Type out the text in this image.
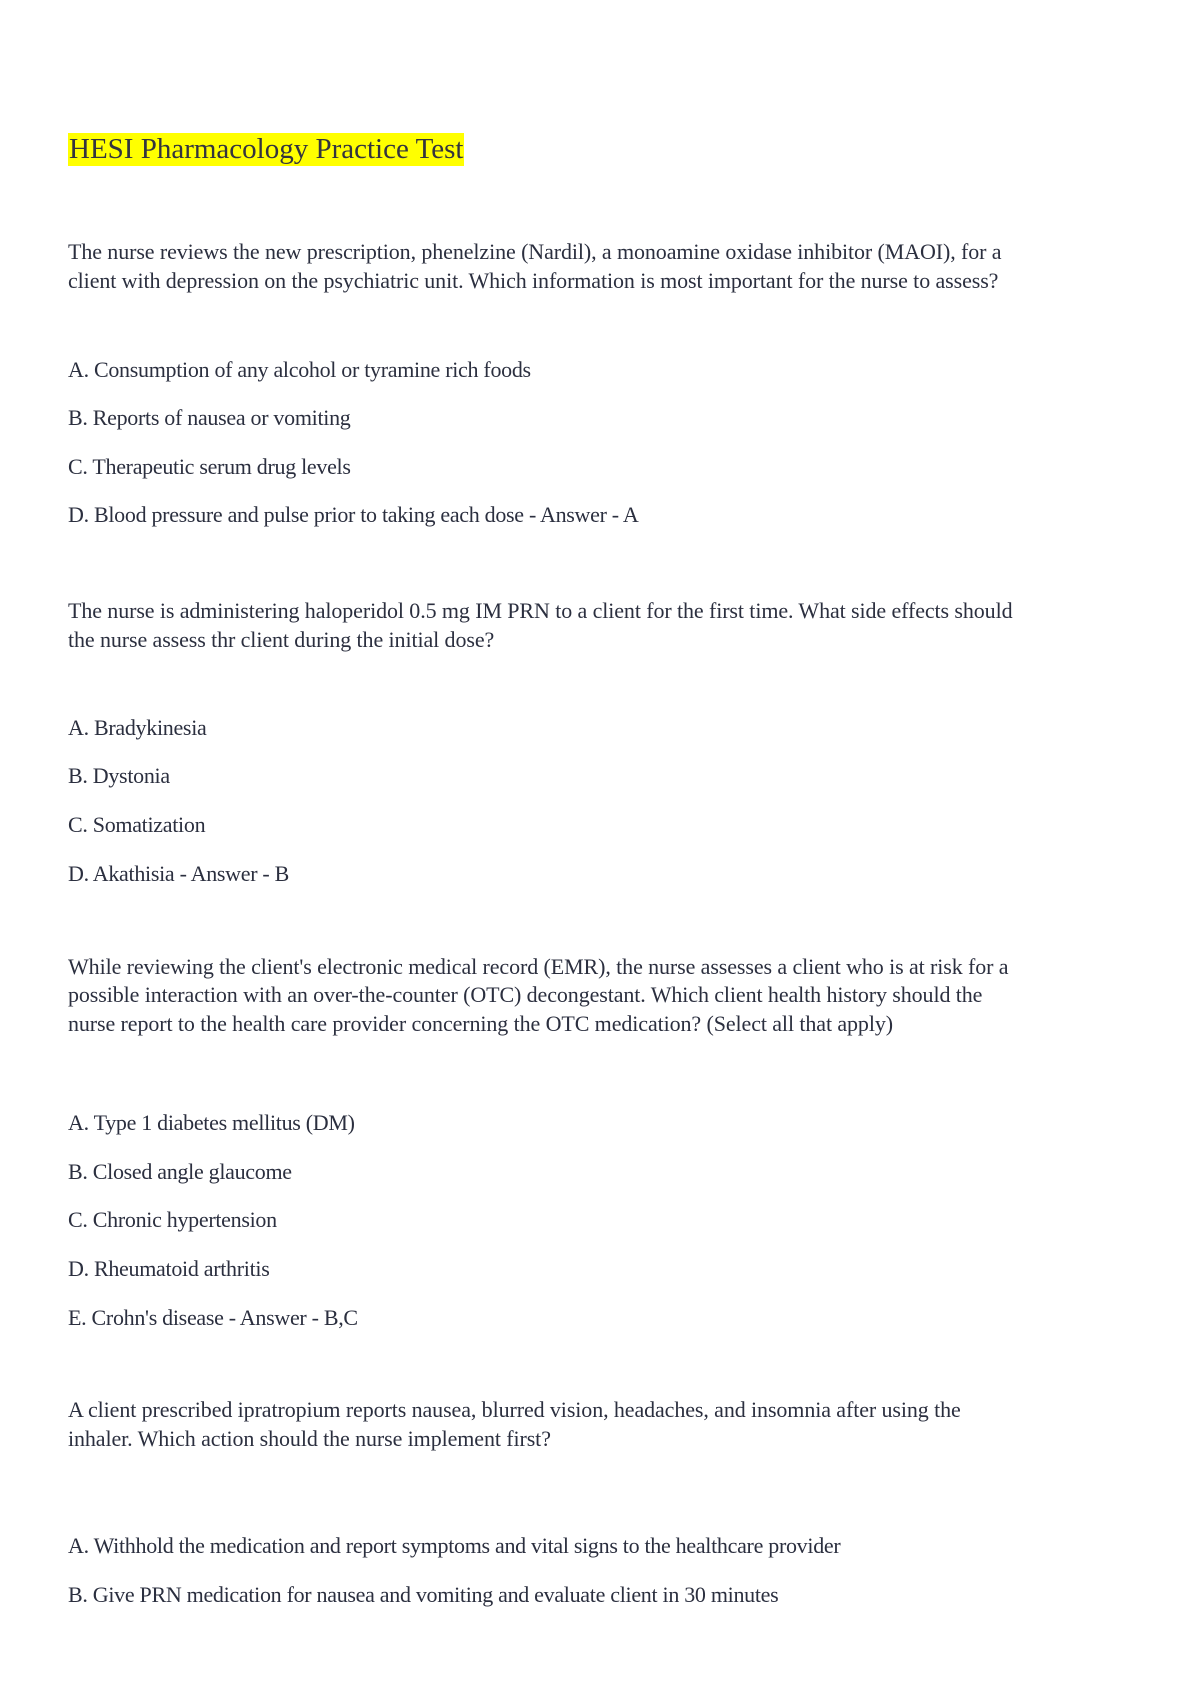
HESI Pharmacology Practice Test
The nurse reviews the new prescription, phenelzine (Nardil), a monoamine oxidase inhibitor (MAOI), for a
client with depression on the psychiatric unit. Which information is most important for the nurse to assess?
A. Consumption of any alcohol or tyramine rich foods
B. Reports of nausea or vomiting
C. Therapeutic serum drug levels
D. Blood pressure and pulse prior to taking each dose - Answer - A
The nurse is administering haloperidol 0.5 mg IM PRN to a client for the first time. What side effects should
the nurse assess thr client during the initial dose?
A. Bradykinesia
B. Dystonia
C. Somatization
D. Akathisia - Answer - B
While reviewing the client's electronic medical record (EMR), the nurse assesses a client who is at risk for a
possible interaction with an over-the-counter (OTC) decongestant. Which client health history should the
nurse report to the health care provider concerning the OTC medication? (Select all that apply)
A. Type 1 diabetes mellitus (DM)
B. Closed angle glaucome
C. Chronic hypertension
D. Rheumatoid arthritis
E. Crohn's disease - Answer - B,C
A client prescribed ipratropium reports nausea, blurred vision, headaches, and insomnia after using the
inhaler. Which action should the nurse implement first?
A. Withhold the medication and report symptoms and vital signs to the healthcare provider
B. Give PRN medication for nausea and vomiting and evaluate client in 30 minutes
